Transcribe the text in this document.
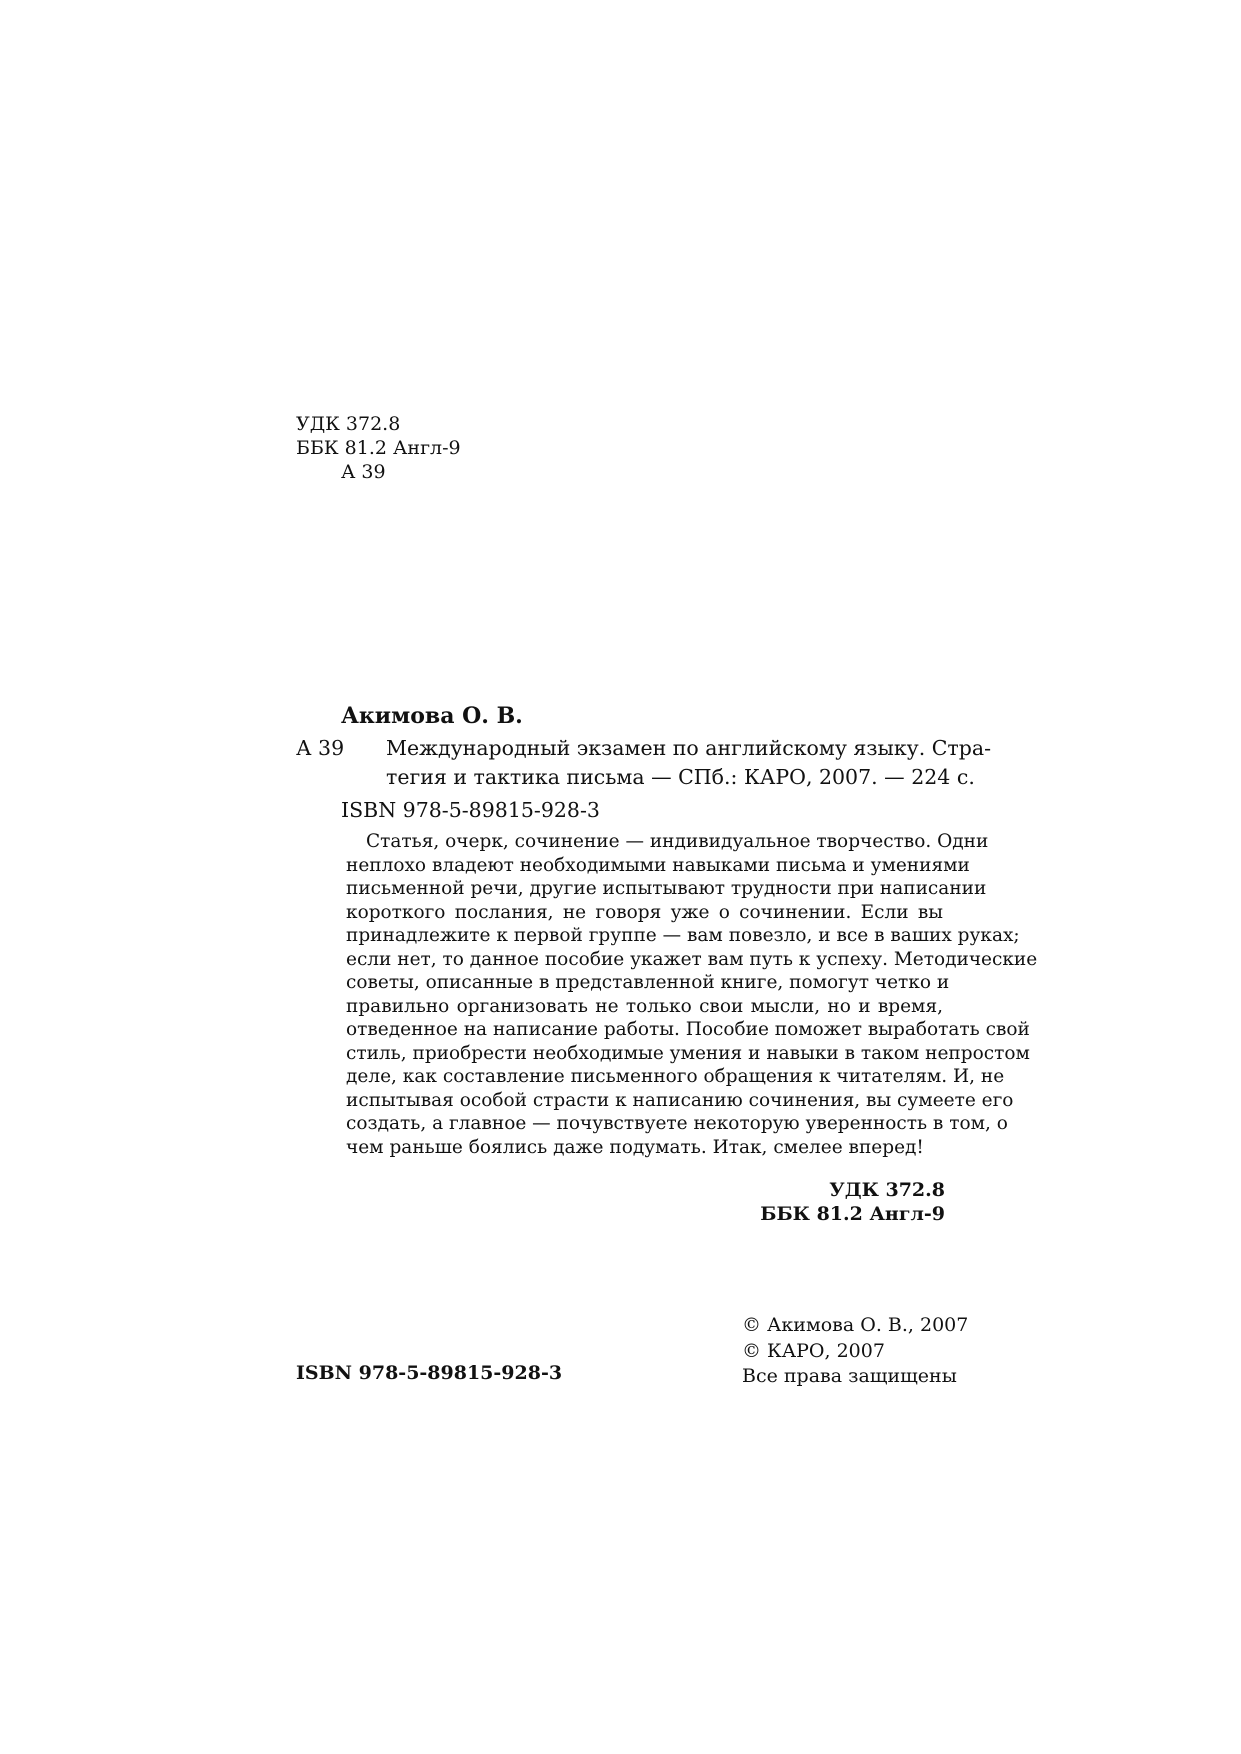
УДК 372.8
ББК 81.2 Англ-9
А 39
Акимова О. В.
А 39 Международный экзамен по английскому языку. Стра-
тегия и тактика письма — СПб.: КАРО, 2007. — 224 с.
ISBN 978-5-89815-928-3
Статья, очерк, сочинение — индивидуальное творчество. Одни
неплохо владеют необходимыми навыками письма и умениями
письменной речи, другие испытывают трудности при написании
короткого послания, не говоря уже о сочинении. Если вы
принадлежите к первой группе — вам повезло, и все в ваших руках;
если нет, то данное пособие укажет вам путь к успеху. Методические
советы, описанные в представленной книге, помогут четко и
правильно организовать не только свои мысли, но и время,
отведенное на написание работы. Пособие поможет выработать свой
стиль, приобрести необходимые умения и навыки в таком непростом
деле, как составление письменного обращения к читателям. И, не
испытывая особой страсти к написанию сочинения, вы сумеете его
создать, а главное — почувствуете некоторую уверенность в том, о
чем раньше боялись даже подумать. Итак, смелее вперед!
УДК 372.8
ББК 81.2 Англ-9
© Акимова О. В., 2007
© КАРО, 2007
Все права защищены
ISBN 978-5-89815-928-3
